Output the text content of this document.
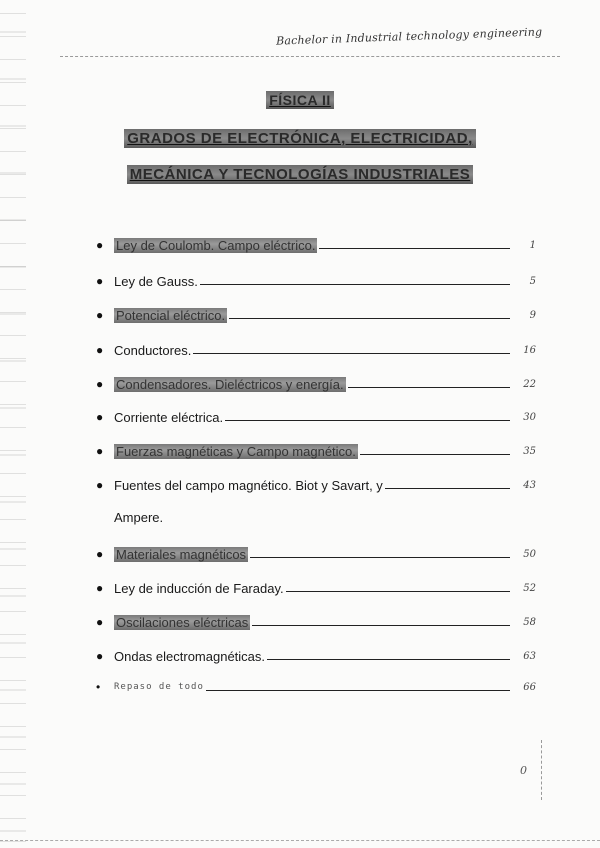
Bachelor in Industrial technology engineering
FÍSICA II
GRADOS DE ELECTRÓNICA, ELECTRICIDAD,
MECÁNICA Y TECNOLOGÍAS INDUSTRIALES
● Ley de Coulomb. Campo eléctrico.	1
● Ley de Gauss.	5
● Potencial eléctrico.	9
● Conductores.	16
● Condensadores. Dieléctricos y energía.	22
● Corriente eléctrica.	30
● Fuerzas magnéticas y Campo magnético.	35
● Fuentes del campo magnético. Biot y Savart, y	43
Ampere.
● Materiales magnéticos	50
● Ley de inducción de Faraday.	52
● Oscilaciones eléctricas	58
● Ondas electromagnéticas.	63
•	Repaso de todo	66
0
